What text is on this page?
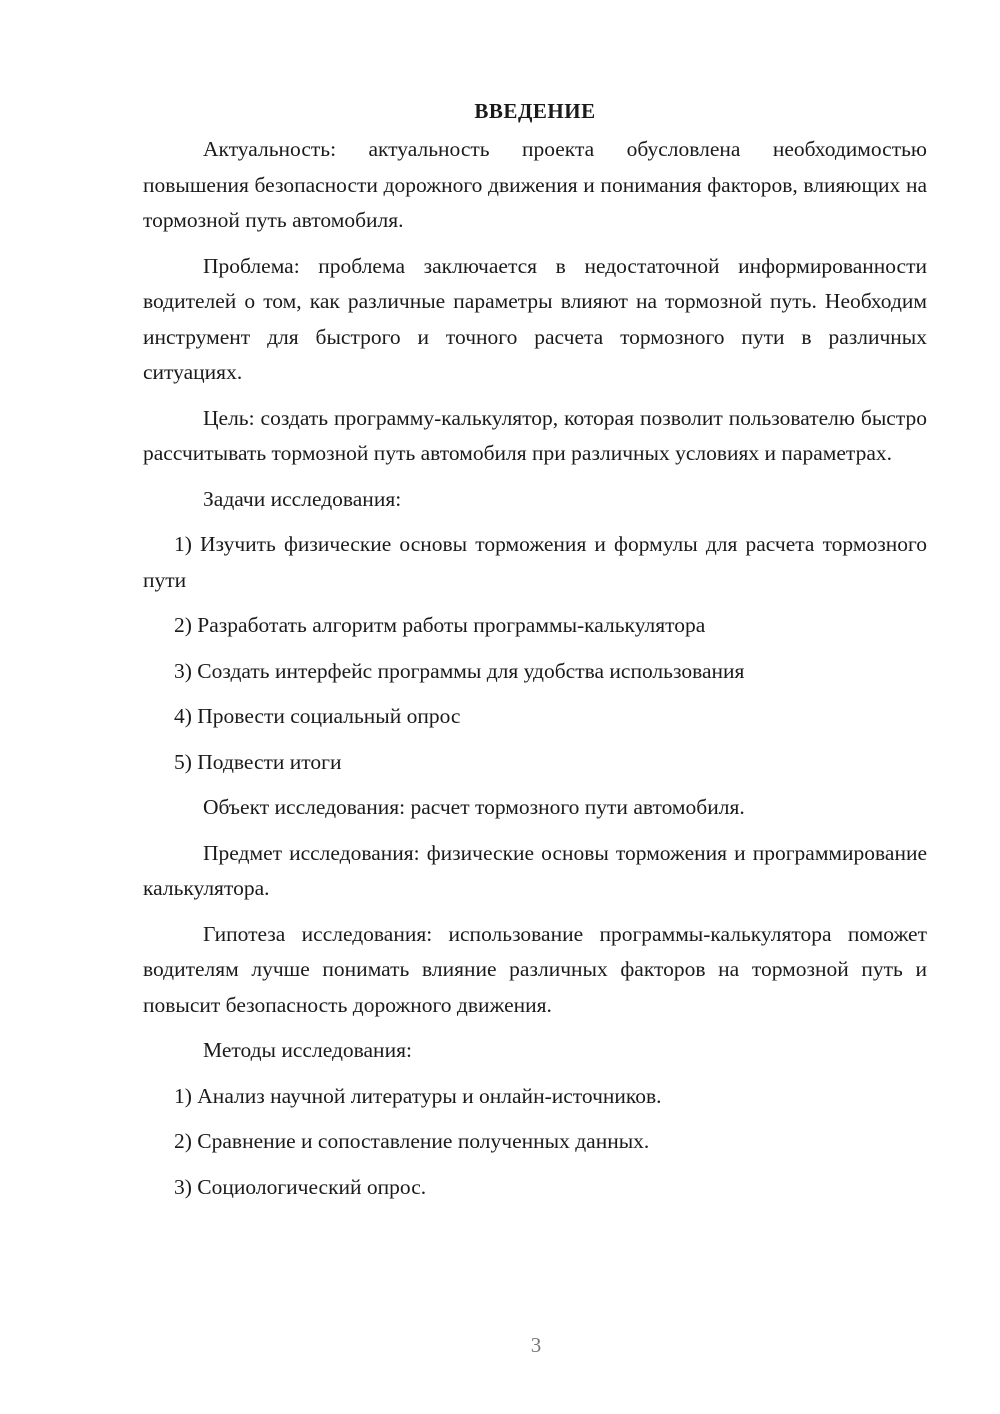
ВВЕДЕНИЕ

Актуальность: актуальность проекта обусловлена необходимостью повышения безопасности дорожного движения и понимания факторов, влияющих на тормозной путь автомобиля.

Проблема: проблема заключается в недостаточной информированности водителей о том, как различные параметры влияют на тормозной путь. Необходим инструмент для быстрого и точного расчета тормозного пути в различных ситуациях.

Цель: создать программу-калькулятор, которая позволит пользователю быстро рассчитывать тормозной путь автомобиля при различных условиях и параметрах.

Задачи исследования:

1) Изучить физические основы торможения и формулы для расчета тормозного пути

2) Разработать алгоритм работы программы-калькулятора

3) Создать интерфейс программы для удобства использования

4) Провести социальный опрос

5) Подвести итоги

Объект исследования: расчет тормозного пути автомобиля.

Предмет исследования: физические основы торможения и программирование калькулятора.

Гипотеза исследования: использование программы-калькулятора поможет водителям лучше понимать влияние различных факторов на тормозной путь и повысит безопасность дорожного движения.

Методы исследования:

1) Анализ научной литературы и онлайн-источников.

2) Сравнение и сопоставление полученных данных.

3) Социологический опрос.

3
